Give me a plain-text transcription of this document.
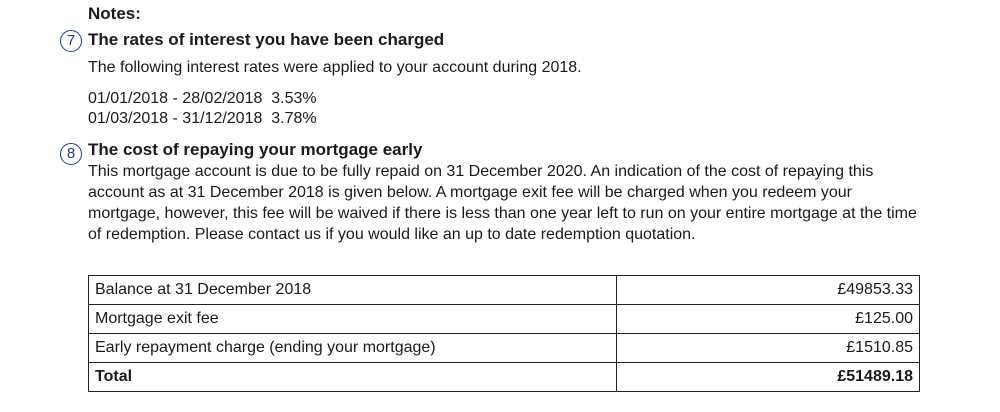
Notes:
7 The rates of interest you have been charged
The following interest rates were applied to your account during 2018.
01/01/2018 - 28/02/2018 3.53%
01/03/2018 - 31/12/2018 3.78%
8 The cost of repaying your mortgage early
This mortgage account is due to be fully repaid on 31 December 2020. An indication of the cost of repaying this account as at 31 December 2018 is given below. A mortgage exit fee will be charged when you redeem your mortgage, however, this fee will be waived if there is less than one year left to run on your entire mortgage at the time of redemption. Please contact us if you would like an up to date redemption quotation.
Balance at 31 December 2018	£49853.33
Mortgage exit fee	£125.00
Early repayment charge (ending your mortgage)	£1510.85
Total	£51489.18
